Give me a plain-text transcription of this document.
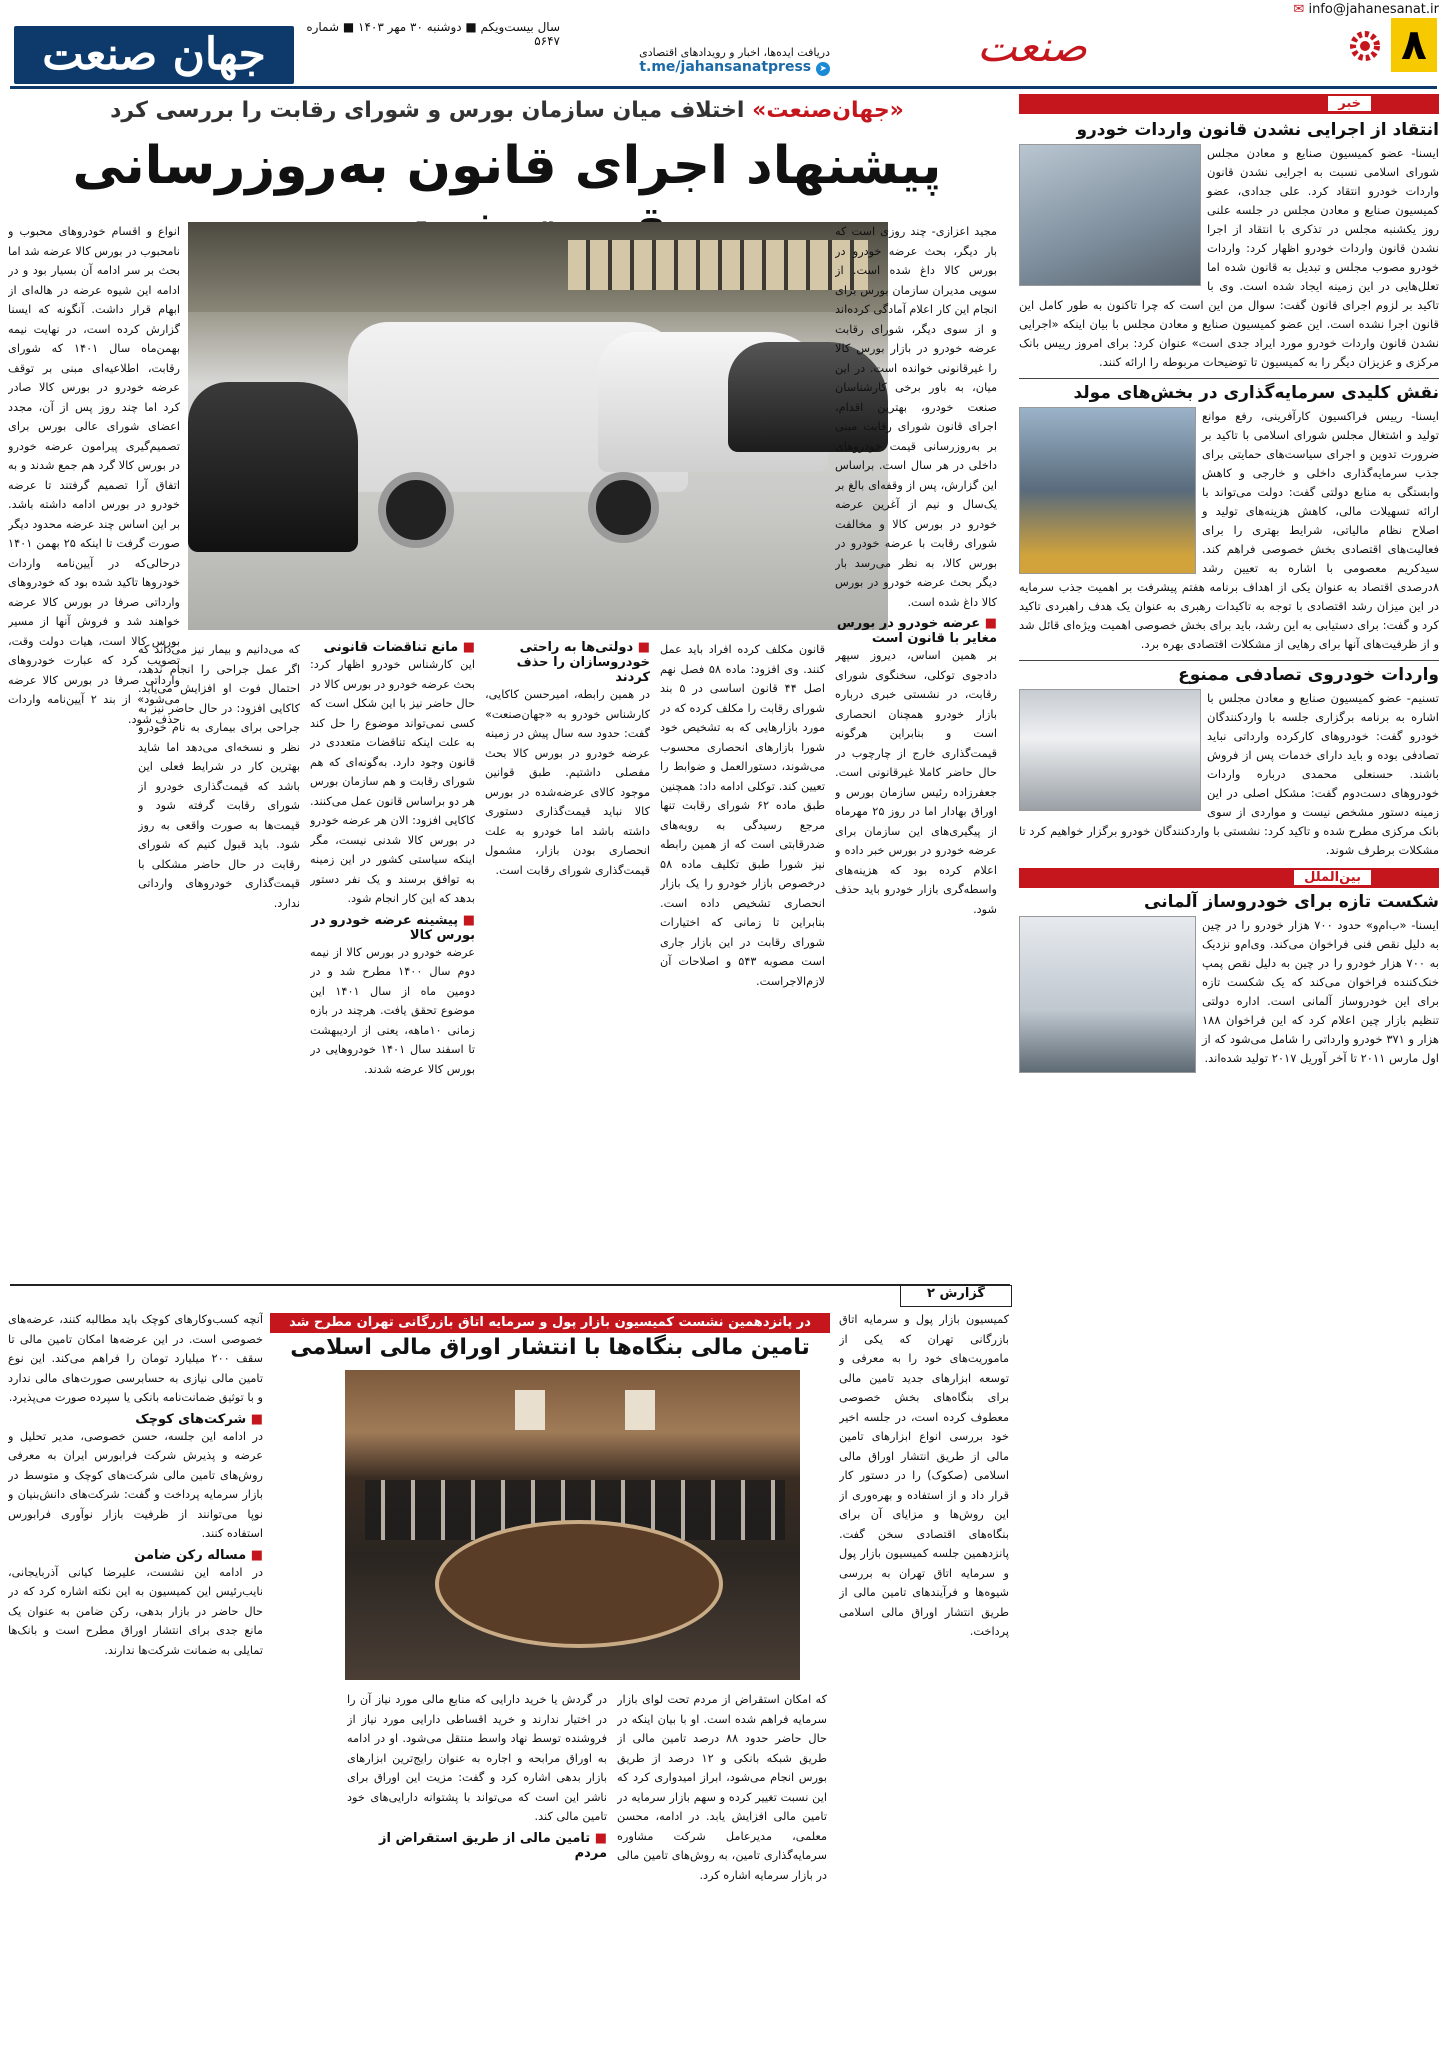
۸
✉ info@jahanesanat.ir
صنعت
دریافت ایده‌ها، اخبار و رویدادهای اقتصادی
t.me/jahansanatpress ➤
سال بیست‌ویکم ■ دوشنبه ۳۰ مهر ۱۴۰۳ ■ شماره ۵۶۴۷
جهان صنعت
خبر
انتقاد از اجرایی نشدن قانون واردات خودرو

ایسنا- عضو کمیسیون صنایع و معادن مجلس شورای اسلامی نسبت به اجرایی نشدن قانون واردات خودرو انتقاد کرد. علی جدادی، عضو کمیسیون صنایع و معادن مجلس در جلسه علنی روز یکشنبه مجلس در تذکری با انتقاد از اجرا نشدن قانون واردات خودرو اظهار کرد: واردات خودرو مصوب مجلس و تبدیل به قانون شده اما تعلل‌هایی در این زمینه ایجاد شده است. وی با تاکید بر لزوم اجرای قانون گفت: سوال من این است که چرا تاکنون به طور کامل این قانون اجرا نشده است. این عضو کمیسیون صنایع و معادن مجلس با بیان اینکه «اجرایی نشدن قانون واردات خودرو مورد ایراد جدی است» عنوان کرد: برای امروز رییس بانک مرکزی و عزیزان دیگر را به کمیسیون تا توضیحات مربوطه را ارائه کنند.

نقش کلیدی سرمایه‌گذاری در بخش‌های مولد

ایسنا- رییس فراکسیون کارآفرینی، رفع موانع تولید و اشتغال مجلس شورای اسلامی با تاکید بر ضرورت تدوین و اجرای سیاست‌های حمایتی برای جذب سرمایه‌گذاری داخلی و خارجی و کاهش وابستگی به منابع دولتی گفت: دولت می‌تواند با ارائه تسهیلات مالی، کاهش هزینه‌های تولید و اصلاح نظام مالیاتی، شرایط بهتری را برای فعالیت‌های اقتصادی بخش خصوصی فراهم کند. سیدکریم معصومی با اشاره به تعیین رشد ۸درصدی اقتصاد به عنوان یکی از اهداف برنامه هفتم پیشرفت بر اهمیت جذب سرمایه در این میزان رشد اقتصادی با توجه به تاکیدات رهبری به عنوان یک هدف راهبردی تاکید کرد و گفت: برای دستیابی به این رشد، باید برای بخش خصوصی اهمیت ویژه‌ای قائل شد و از ظرفیت‌های آنها برای رهایی از مشکلات اقتصادی بهره برد.

واردات خودروی تصادفی ممنوع

تسنیم- عضو کمیسیون صنایع و معادن مجلس با اشاره به برنامه برگزاری جلسه با واردکنندگان خودرو گفت: خودروهای کارکرده وارداتی نباید تصادفی بوده و باید دارای خدمات پس از فروش باشند. حسنعلی محمدی درباره واردات خودروهای دست‌دوم گفت: مشکل اصلی در این زمینه دستور مشخص نیست و مواردی از سوی بانک مرکزی مطرح شده و تاکید کرد: نشستی با واردکنندگان خودرو برگزار خواهیم کرد تا مشکلات برطرف شوند.

بین‌الملل
شکست تازه برای خودروساز آلمانی

ایسنا- «ب‌ام‌و» حدود ۷۰۰ هزار خودرو را در چین به دلیل نقص فنی فراخوان می‌کند. وی‌ام‌و نزدیک به ۷۰۰ هزار خودرو را در چین به دلیل نقص پمپ خنک‌کننده فراخوان می‌کند که یک شکست تازه برای این خودروساز آلمانی است. اداره دولتی تنظیم بازار چین اعلام کرد که این فراخوان ۱۸۸ هزار و ۳۷۱ خودرو وارداتی را شامل می‌شود که از اول مارس ۲۰۱۱ تا آخر آوریل ۲۰۱۷ تولید شده‌اند.

«جهان‌صنعت» اختلاف میان سازمان بورس و شورای رقابت را بررسی کرد
پیشنهاد اجرای قانون به‌روزرسانی

مجید اعزازی- چند روزی است که بار دیگر، بحث عرضه خودرو در بورس کالا داغ شده است. از سویی مدیران سازمان بورس برای انجام این کار اعلام آمادگی کرده‌اند و از سوی دیگر، شورای رقابت عرضه خودرو در بازار بورس کالا را غیرقانونی خوانده است. در این میان، به باور برخی کارشناسان صنعت خودرو، بهترین اقدام، اجرای قانون شورای رقابت مبنی بر به‌روزرسانی قیمت خودروهای داخلی در هر سال است. براساس این گزارش، پس از وقفه‌ای بالغ بر یک‌سال و نیم از آغرین عرضه خودرو در بورس کالا و مخالفت شورای رقابت با عرضه خودرو در بورس کالا، به نظر می‌رسد بار دیگر بحث عرضه خودرو در بورس کالا داغ شده است.

■ عرضه خودرو در بورس مغایر با قانون است

بر همین اساس، دیروز سپهر دادجوی توکلی، سخنگوی شورای رقابت، در نشستی خبری درباره بازار خودرو همچنان انحصاری است و بنابراین هرگونه قیمت‌گذاری خارج از چارچوب در حال حاضر کاملا غیرقانونی است. جعفرزاده رئیس سازمان بورس و اوراق بهادار اما در روز ۲۵ مهرماه از پیگیری‌های این سازمان برای عرضه خودرو در بورس خبر داده و اعلام کرده بود که هزینه‌های واسطه‌گری بازار خودرو باید حذف شود.

قانون مکلف کرده افراد باید عمل کنند. وی افزود: ماده ۵۸ فصل نهم اصل ۴۴ قانون اساسی در ۵ بند شورای رقابت را مکلف کرده که در مورد بازارهایی که به تشخیص خود شورا بازارهای انحصاری محسوب می‌شوند، دستورالعمل و ضوابط را تعیین کند. توکلی ادامه داد: همچنین طبق ماده ۶۲ شورای رقابت تنها مرجع رسیدگی به رویه‌های ضدرقابتی است که از همین رابطه نیز شورا طبق تکلیف ماده ۵۸ درخصوص بازار خودرو را یک بازار انحصاری تشخیص داده است. بنابراین تا زمانی که اختیارات شورای رقابت در این بازار جاری است مصوبه ۵۴۳ و اصلاحات آن لازم‌الاجراست.

■ دولتی‌ها به راحتی خودروسازان را حذف کردند

در همین رابطه، امیرحسن کاکایی، کارشناس خودرو به «جهان‌صنعت» گفت: حدود سه سال پیش در زمینه عرضه خودرو در بورس کالا بحث مفصلی داشتیم. طبق قوانین موجود کالای عرضه‌شده در بورس کالا نباید قیمت‌گذاری دستوری داشته باشد اما خودرو به علت انحصاری بودن بازار، مشمول قیمت‌گذاری شورای رقابت است.

■ مانع تناقضات قانونی

این کارشناس خودرو اظهار کرد: بحث عرضه خودرو در بورس کالا در حال حاضر نیز با این شکل است که کسی نمی‌تواند موضوع را حل کند به علت اینکه تناقضات متعددی در قانون وجود دارد. به‌گونه‌ای که هم شورای رقابت و هم سازمان بورس هر دو براساس قانون عمل می‌کنند. کاکایی افزود: الان هر عرضه خودرو در بورس کالا شدنی نیست، مگر اینکه سیاستی کشور در این زمینه به توافق برسند و یک نفر دستور بدهد که این کار انجام شود.

■ پیشینه عرضه خودرو در بورس کالا

عرضه خودرو در بورس کالا از نیمه دوم سال ۱۴۰۰ مطرح شد و در دومین ماه از سال ۱۴۰۱ این موضوع تحقق یافت. هرچند در بازه زمانی ۱۰ماهه، یعنی از اردیبهشت تا اسفند سال ۱۴۰۱ خودروهایی در بورس کالا عرضه شدند.

که می‌دانیم و بیمار نیز می‌داند که اگر عمل جراحی را انجام ندهد، احتمال فوت او افزایش می‌یابد. کاکایی افزود: در حال حاضر نیز به جراحی برای بیماری به نام خودرو نظر و نسخه‌ای می‌دهد اما شاید بهترین کار در شرایط فعلی این باشد که قیمت‌گذاری خودرو از شورای رقابت گرفته شود و قیمت‌ها به صورت واقعی به روز شود. باید قبول کنیم که شورای رقابت در حال حاضر مشکلی با قیمت‌گذاری خودروهای وارداتی ندارد.

انواع و اقسام خودروهای محبوب و نامحبوب در بورس کالا عرضه شد اما بحث بر سر ادامه آن بسیار بود و در ادامه این شیوه عرضه در هاله‌ای از ابهام قرار داشت. آنگونه که ایسنا گزارش کرده است، در نهایت نیمه بهمن‌ماه سال ۱۴۰۱ که شورای رقابت، اطلاعیه‌ای مبنی بر توقف عرضه خودرو در بورس کالا صادر کرد اما چند روز پس از آن، مجدد اعضای شورای عالی بورس برای تصمیم‌گیری پیرامون عرضه خودرو در بورس کالا گرد هم جمع شدند و به اتفاق آرا تصمیم گرفتند تا عرضه خودرو در بورس ادامه داشته باشد. بر این اساس چند عرضه محدود دیگر صورت گرفت تا اینکه ۲۵ بهمن ۱۴۰۱ درحالی‌که در آیین‌نامه واردات خودروها تاکید شده بود که خودروهای وارداتی صرفا در بورس کالا عرضه خواهند شد و فروش آنها از مسیر بورس کالا است، هیات دولت وقت، تصویب کرد که عبارت خودروهای وارداتی صرفا در بورس کالا عرضه می‌شود» از بند ۲ آیین‌نامه واردات حذف شود.

گزارش ۲
در پانزدهمین نشست کمیسیون بازار پول و سرمایه اتاق بازرگانی تهران مطرح شد
تامین مالی بنگاه‌ها با انتشار اوراق مالی اسلامی

کمیسیون بازار پول و سرمایه اتاق بازرگانی تهران که یکی از ماموریت‌های خود را به معرفی و توسعه ابزارهای جدید تامین مالی برای بنگاه‌های بخش خصوصی معطوف کرده است، در جلسه اخیر خود بررسی انواع ابزارهای تامین مالی از طریق انتشار اوراق مالی اسلامی (صکوک) را در دستور کار قرار داد و از استفاده و بهره‌وری از این روش‌ها و مزایای آن برای بنگاه‌های اقتصادی سخن گفت. پانزدهمین جلسه کمیسیون بازار پول و سرمایه اتاق تهران به بررسی شیوه‌ها و فرآیندهای تامین مالی از طریق انتشار اوراق مالی اسلامی پرداخت.

که امکان استقراض از مردم تحت لوای بازار سرمایه فراهم شده است. او با بیان اینکه در حال حاضر حدود ۸۸ درصد تامین مالی از طریق شبکه بانکی و ۱۲ درصد از طریق بورس انجام می‌شود، ابراز امیدواری کرد که این نسبت تغییر کرده و سهم بازار سرمایه در تامین مالی افزایش یابد. در ادامه، محسن معلمی، مدیرعامل شرکت مشاوره سرمایه‌گذاری تامین، به روش‌های تامین مالی در بازار سرمایه اشاره کرد.

در گردش یا خرید دارایی که منابع مالی مورد نیاز آن را در اختیار ندارند و خرید اقساطی دارایی مورد نیاز از فروشنده توسط نهاد واسط منتقل می‌شود. او در ادامه به اوراق مرابحه و اجاره به عنوان رایج‌ترین ابزارهای بازار بدهی اشاره کرد و گفت: مزیت این اوراق برای ناشر این است که می‌تواند با پشتوانه دارایی‌های خود تامین مالی کند.

■ تامین مالی از طریق استقراض از مردم

آنچه کسب‌وکارهای کوچک باید مطالبه کنند، عرضه‌های خصوصی است. در این عرضه‌ها امکان تامین مالی تا سقف ۲۰۰ میلیارد تومان را فراهم می‌کند. این نوع تامین مالی نیازی به حسابرسی صورت‌های مالی ندارد و با توثیق ضمانت‌نامه بانکی یا سپرده صورت می‌پذیرد.

■ شرکت‌های کوچک

در ادامه این جلسه، حسن خصوصی، مدیر تحلیل و عرضه و پذیرش شرکت فرابورس ایران به معرفی روش‌های تامین مالی شرکت‌های کوچک و متوسط در بازار سرمایه پرداخت و گفت: شرکت‌های دانش‌بنیان و نوپا می‌توانند از ظرفیت بازار نوآوری فرابورس استفاده کنند.

■ مساله رکن ضامن

در ادامه این نشست، علیرضا کیانی آذربایجانی، نایب‌رئیس این کمیسیون به این نکته اشاره کرد که در حال حاضر در بازار بدهی، رکن ضامن به عنوان یک مانع جدی برای انتشار اوراق مطرح است و بانک‌ها تمایلی به ضمانت شرکت‌ها ندارند.
